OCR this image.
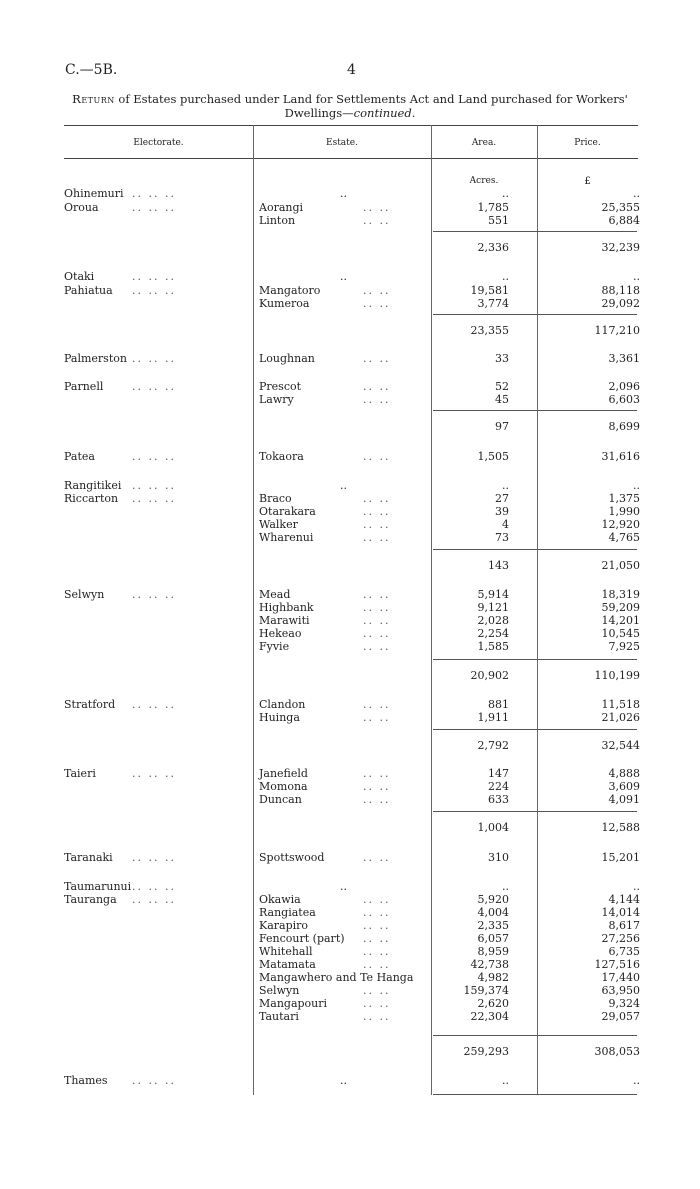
C.—5B.	4
Return of Estates purchased under Land for Settlements Act and Land purchased for Workers'
Dwellings—continued.
Electorate.	Estate.	Area.	Price.
Acres.	£
Ohinemuri .. .. ..	..	..	..
Oroua	.. .. ..	Aorangi	.. ..	1,785	25,355
Linton	.. ..	551	6,884
2,336	32,239
Otaki	.. .. ..	..	..	..
Pahiatua .. .. ..	Mangatoro	.. ..	19,581	88,118
Kumeroa	.. ..	3,774	29,092
23,355	117,210
Palmerston .. .. ..	Loughnan	.. ..	33	3,361
Parnell	.. .. ..	Prescot	.. ..	52	2,096
Lawry	.. ..	45	6,603
97	8,699
Patea	.. .. ..	Tokaora	.. ..	1,505	31,616
Rangitikei .. .. ..	..	..	..
Riccarton .. .. ..	Braco	.. ..	27	1,375
Otarakara	.. ..	39	1,990
Walker	.. ..	4	12,920
Wharenui	.. ..	73	4,765
143	21,050
Selwyn	.. .. ..	Mead	.. ..	5,914	18,319
Highbank	.. ..	9,121	59,209
Marawiti	.. ..	2,028	14,201
Hekeao	.. ..	2,254	10,545
Fyvie	.. ..	1,585	7,925
20,902	110,199
Stratford .. .. ..	Clandon	.. ..	881	11,518
Huinga	.. ..	1,911	21,026
2,792	32,544
Taieri	.. .. ..	Janefield	.. ..	147	4,888
Momona	.. ..	224	3,609
Duncan	.. ..	633	4,091
1,004	12,588
Taranaki .. .. ..	Spottswood	.. ..	310	15,201
Taumarunui .. .. ..	..	..	..
Tauranga .. .. ..	Okawia	.. ..	5,920	4,144
Rangiatea	.. ..	4,004	14,014
Karapiro	.. ..	2,335	8,617
Fencourt (part) .. ..	6,057	27,256
Whitehall	.. ..	8,959	6,735
Matamata	.. ..	42,738	127,516
Mangawhero and Te Hanga	4,982	17,440
Selwyn	.. ..	159,374	63,950
Mangapouri	.. ..	2,620	9,324
Tautari	.. ..	22,304	29,057
259,293	308,053
Thames .. .. ..	..	..	..
